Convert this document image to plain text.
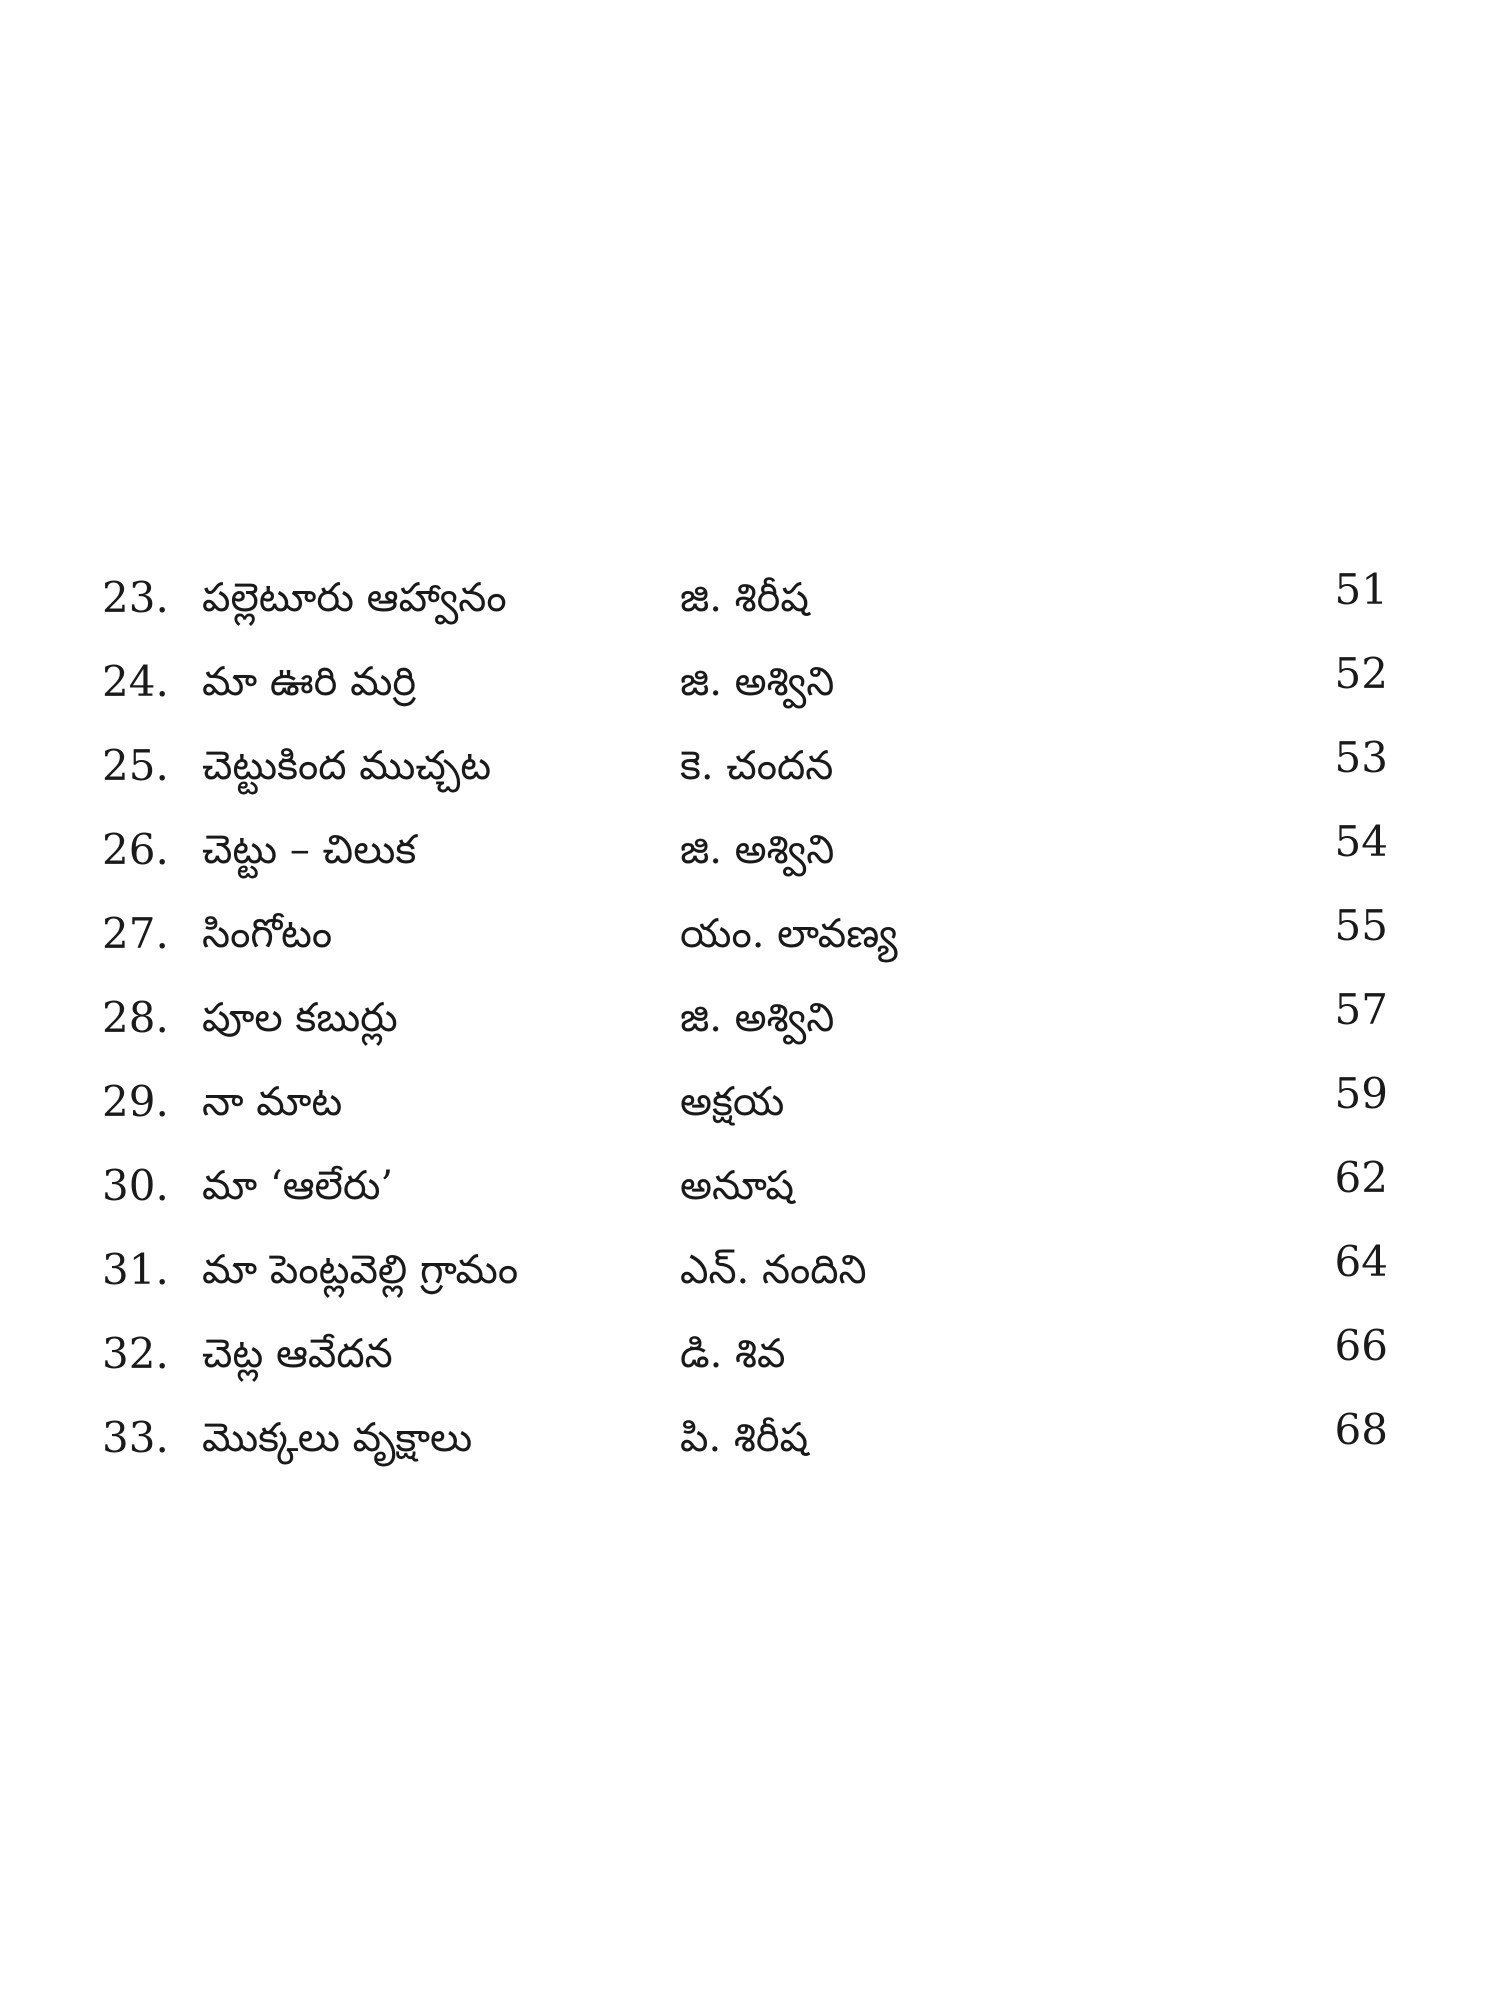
23. పల్లెటూరు ఆహ్వానం	జి. శిరీష	51
24. మా ఊరి మర్రి	జి. అశ్విని	52
25. చెట్టుకింద ముచ్చట	కె. చందన	53
26. చెట్టు – చిలుక	జి. అశ్విని	54
27. సింగోటం	యం. లావణ్య	55
28. పూల కబుర్లు	జి. అశ్విని	57
29. నా మాట	అక్షయ	59
30. మా ‘ఆలేరు’	అనూష	62
31. మా పెంట్లవెల్లి గ్రామం	ఎన్. నందిని	64
32. చెట్ల ఆవేదన	డి. శివ	66
33. మొక్కలు వృక్షాలు	పి. శిరీష	68
